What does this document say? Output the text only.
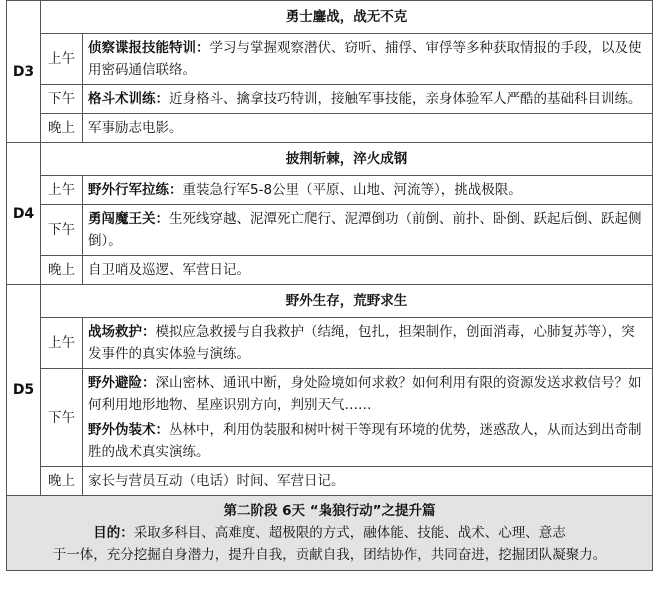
D3	勇士鏖战，战无不克	
	上午	侦察谍报技能特训：学习与掌握观察潜伏、窃听、捕俘、审俘等多种获取情报的手段，以及使用密码通信联络。

	下午	格斗术训练：近身格斗、擒拿技巧特训，接触军事技能，亲身体验军人严酷的基础科目训练。

	晚上	军事励志电影。

D4	披荆斩棘，淬火成钢	
	上午	野外行军拉练：重装急行军5-8公里（平原、山地、河流等），挑战极限。

	下午	勇闯魔王关：生死线穿越、泥潭死亡爬行、泥潭倒功（前倒、前扑、卧倒、跃起后倒、跃起侧倒）。

	晚上	自卫哨及巡逻、军营日记。

D5	野外生存，荒野求生	
	上午	战场救护：模拟应急救援与自我救护（结绳，包扎，担架制作，创面消毒，心肺复苏等），突发事件的真实体验与演练。

	下午	野外避险：深山密林、通讯中断，身处险境如何求救？如何利用有限的资源发送求救信号？如何利用地形地物、星座识别方向，判别天气……
野外伪装术：丛林中，利用伪装服和树叶树干等现有环境的优势，迷惑敌人，从而达到出奇制胜的战术真实演练。

	晚上	家长与营员互动（电话）时间、军营日记。

第二阶段 6天 “枭狼行动”之提升篇
目的：采取多科目、高难度、超极限的方式，融体能、技能、战术、心理、意志
于一体，充分挖掘自身潜力，提升自我，贡献自我，团结协作，共同奋进，挖掘团队凝聚力。		
